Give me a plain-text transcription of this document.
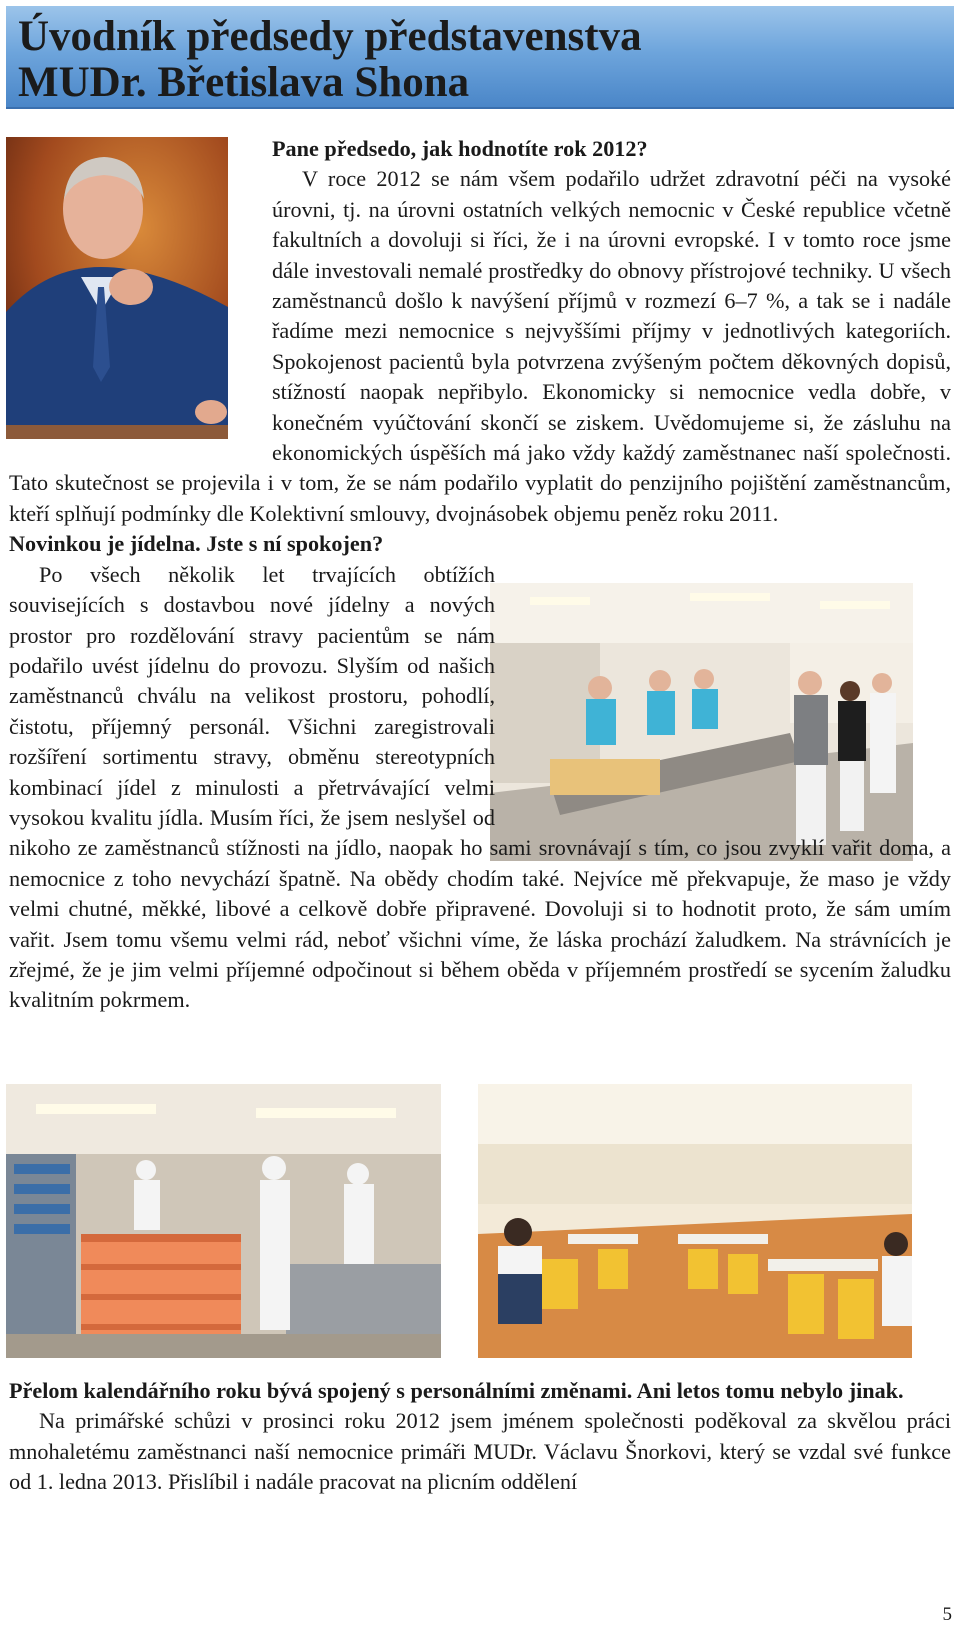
Úvodník předsedy představenstva
MUDr. Břetislava Shona

Pane předsedo, jak hodnotíte rok 2012?

V roce 2012 se nám všem podařilo udržet zdravotní péči na vysoké úrovni, tj. na úrovni ostatních velkých nemocnic v České republice včetně fakultních a dovoluji si říci, že i na úrovni evropské. I v tomto roce jsme dále investovali nemalé prostředky do obnovy přístrojové techniky. U všech zaměstnanců došlo k navýšení příjmů v rozmezí 6–7 %, a tak se i nadále řadíme mezi nemocnice s nejvyššími příjmy v jednotlivých kategoriích. Spokojenost pacientů byla potvrzena zvýšeným počtem děkovných dopisů, stížností naopak nepřibylo. Ekonomicky si nemocnice vedla dobře, v konečném vyúčtování skončí se ziskem. Uvědomujeme si, že zásluhu na ekonomických úspěších má jako vždy každý zaměstnanec naší společnosti. Tato skutečnost se projevila i v tom, že se nám podařilo vyplatit do penzijního pojištění zaměstnancům, kteří splňují podmínky dle Kolektivní smlouvy, dvojnásobek objemu peněz roku 2011.

Novinkou je jídelna. Jste s ní spokojen?

Po všech několik let trvajících obtížích souvisejících s dostavbou nové jídelny a nových prostor pro rozdělování stravy pacientům se nám podařilo uvést jídelnu do provozu. Slyším od našich zaměstnanců chválu na velikost prostoru, pohodlí, čistotu, příjemný personál. Všichni zaregistrovali rozšíření sortimentu stravy, obměnu stereotypních kombinací jídel z minulosti a přetrvávající velmi vysokou kvalitu jídla. Musím říci, že jsem neslyšel od nikoho ze zaměstnanců stížnosti na jídlo, naopak ho sami srovnávají s tím, co jsou zvyklí vařit doma, a nemocnice z toho nevychází špatně. Na obědy chodím také. Nejvíce mě překvapuje, že maso je vždy velmi chutné, měkké, libové a celkově dobře připravené. Dovoluji si to hodnotit proto, že sám umím vařit. Jsem tomu všemu velmi rád, neboť všichni víme, že láska prochází žaludkem. Na strávnících je zřejmé, že je jim velmi příjemné odpočinout si během oběda v příjemném prostředí se sycením žaludku kvalitním pokrmem.

Přelom kalendářního roku bývá spojený s personálními změnami. Ani letos tomu nebylo jinak.

Na primářské schůzi v prosinci roku 2012 jsem jménem společnosti poděkoval za skvělou práci mnohaletému zaměstnanci naší nemocnice primáři MUDr. Václavu Šnorkovi, který se vzdal své funkce od 1. ledna 2013. Přislíbil i nadále pracovat na plicním oddělení

5
